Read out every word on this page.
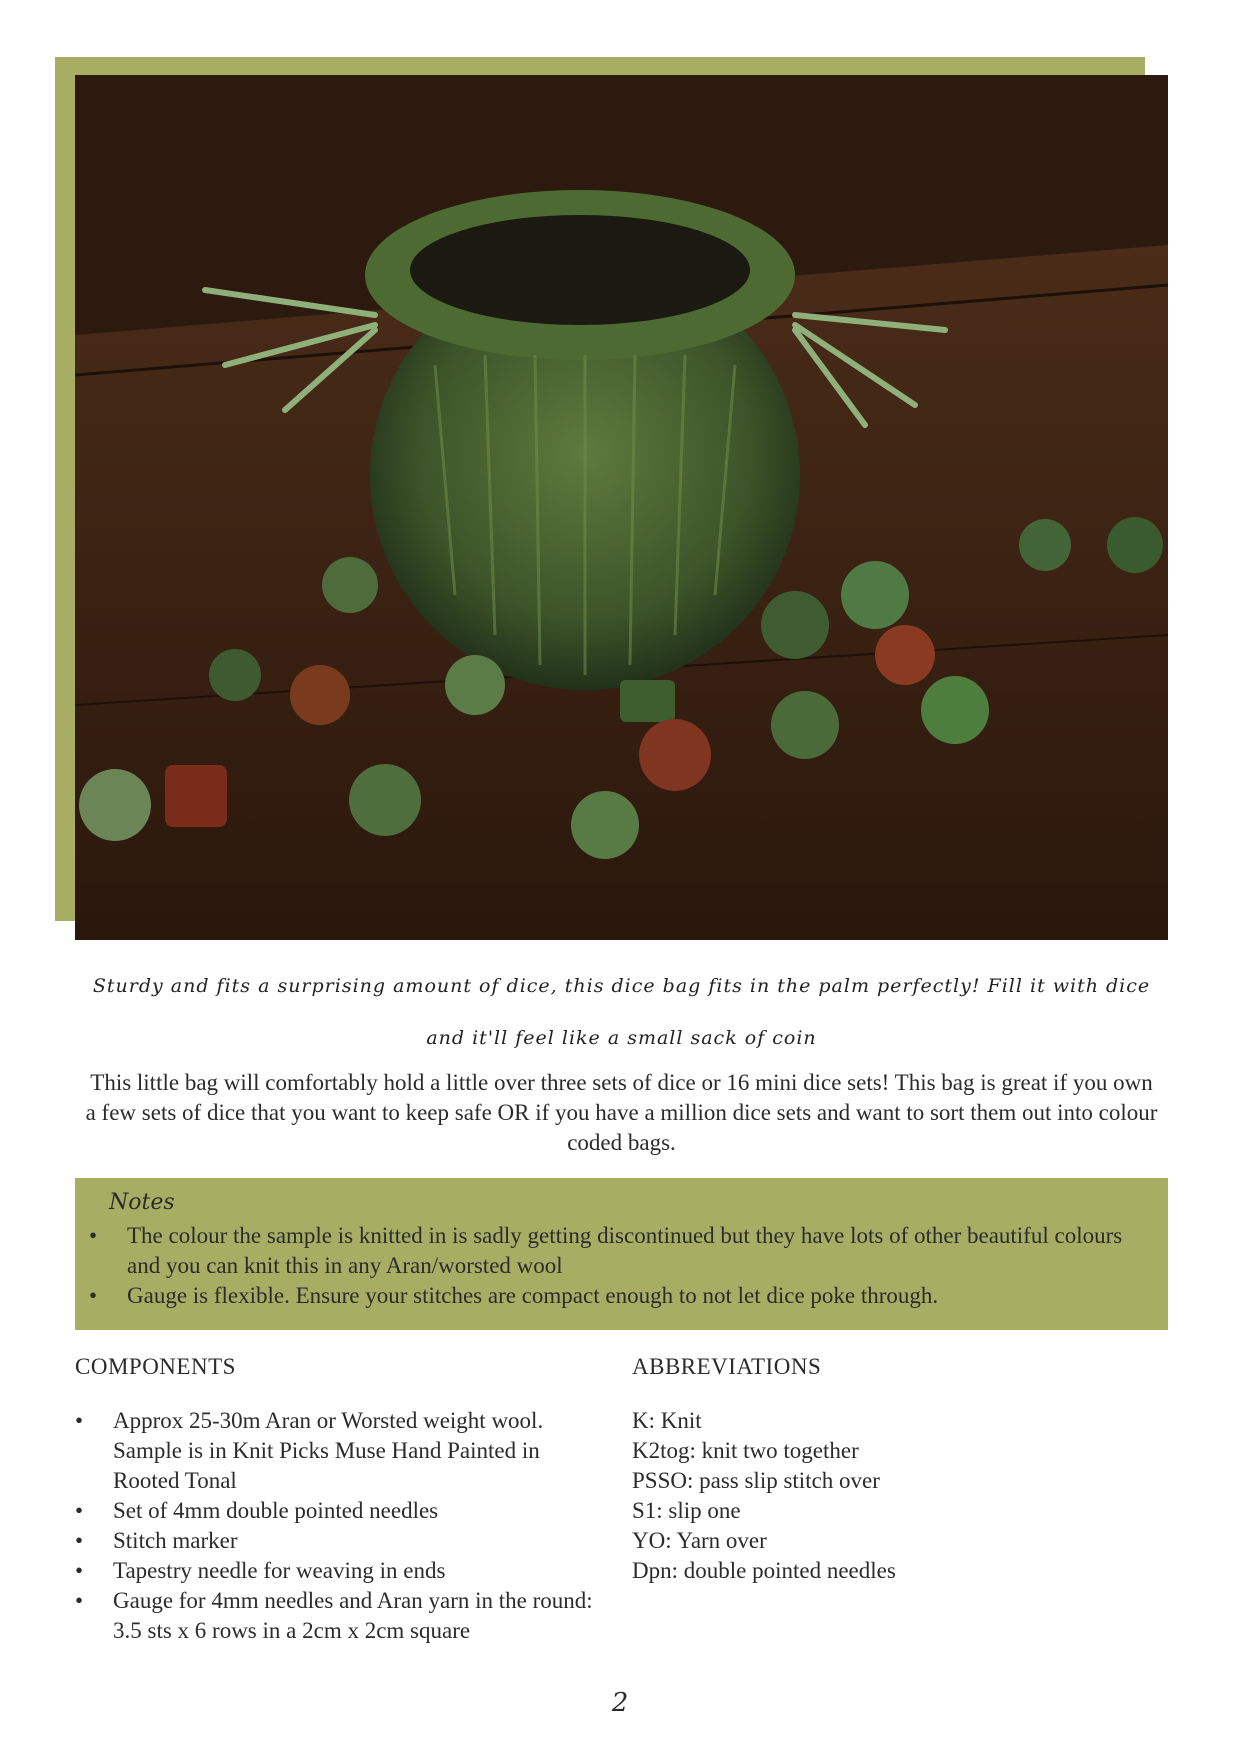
Sturdy and fits a surprising amount of dice, this dice bag fits in the palm perfectly! Fill it with dice and it'll feel like a small sack of coin
This little bag will comfortably hold a little over three sets of dice or 16 mini dice sets! This bag is great if you own a few sets of dice that you want to keep safe OR if you have a million dice sets and want to sort them out into colour coded bags.
Notes
• The colour the sample is knitted in is sadly getting discontinued but they have lots of other beautiful colours and you can knit this in any Aran/worsted wool
• Gauge is flexible. Ensure your stitches are compact enough to not let dice poke through.
COMPONENTS
• Approx 25-30m Aran or Worsted weight wool. Sample is in Knit Picks Muse Hand Painted in Rooted Tonal
• Set of 4mm double pointed needles
• Stitch marker
• Tapestry needle for weaving in ends
• Gauge for 4mm needles and Aran yarn in the round: 3.5 sts x 6 rows in a 2cm x 2cm square
ABBREVIATIONS
K: Knit
K2tog: knit two together
PSSO: pass slip stitch over
S1: slip one
YO: Yarn over
Dpn: double pointed needles
2
